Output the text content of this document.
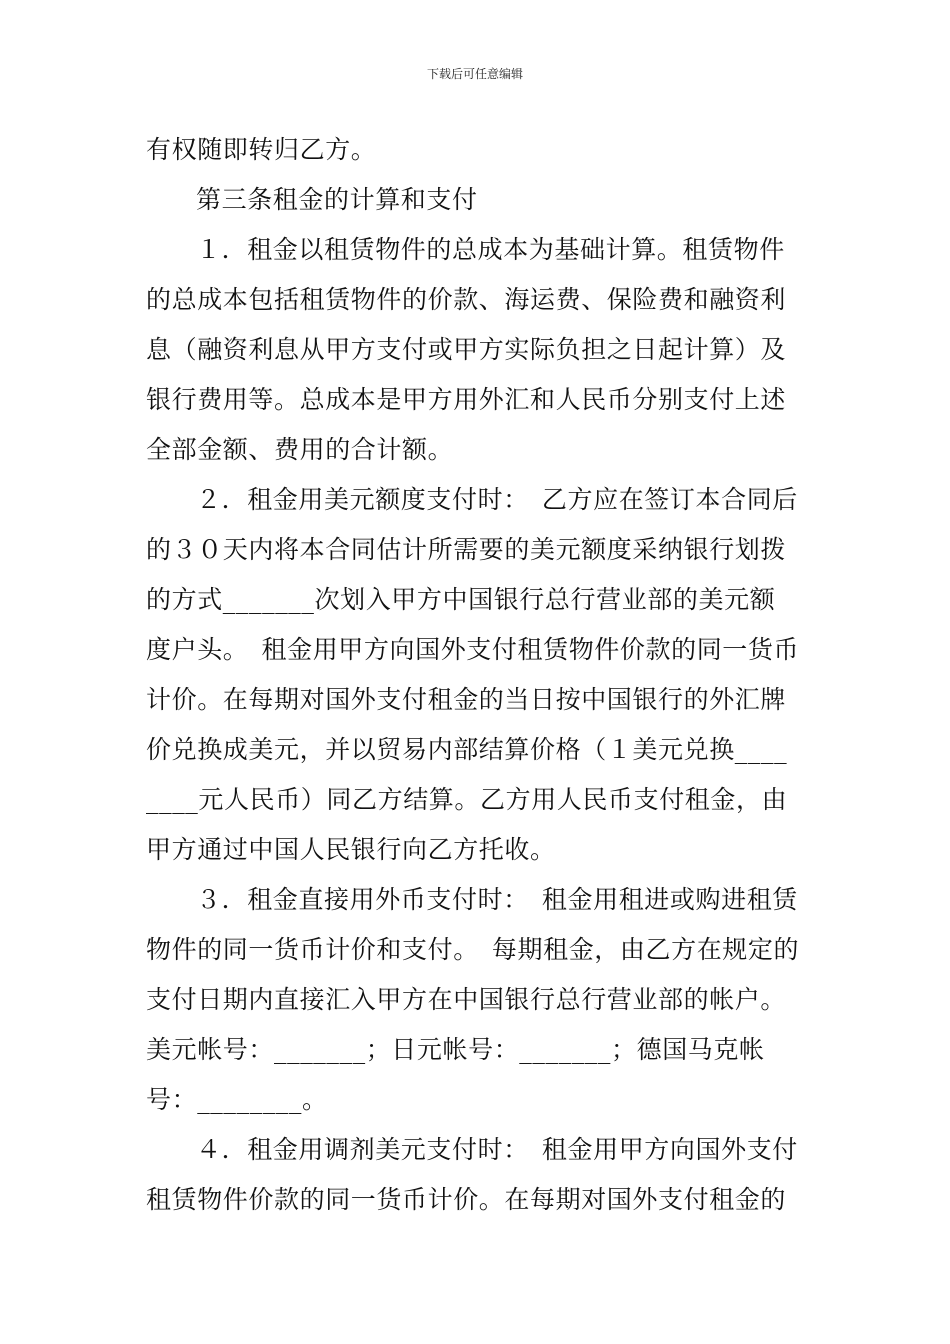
下载后可任意编辑
有权随即转归乙方。
第三条租金的计算和支付
１．租金以租赁物件的总成本为基础计算。租赁物件
的总成本包括租赁物件的价款、海运费、保险费和融资利
息（融资利息从甲方支付或甲方实际负担之日起计算）及
银行费用等。总成本是甲方用外汇和人民币分别支付上述
全部金额、费用的合计额。
２．租金用美元额度支付时：　乙方应在签订本合同后
的３０天内将本合同估计所需要的美元额度采纳银行划拨
的方式_______次划入甲方中国银行总行营业部的美元额
度户头。　租金用甲方向国外支付租赁物件价款的同一货币
计价。在每期对国外支付租金的当日按中国银行的外汇牌
价兑换成美元，并以贸易内部结算价格（１美元兑换____
____元人民币）同乙方结算。乙方用人民币支付租金，由
甲方通过中国人民银行向乙方托收。
３．租金直接用外币支付时：　租金用租进或购进租赁
物件的同一货币计价和支付。　每期租金，由乙方在规定的
支付日期内直接汇入甲方在中国银行总行营业部的帐户。
美元帐号：_______；日元帐号：_______；德国马克帐
号：________。
４．租金用调剂美元支付时：　租金用甲方向国外支付
租赁物件价款的同一货币计价。在每期对国外支付租金的
